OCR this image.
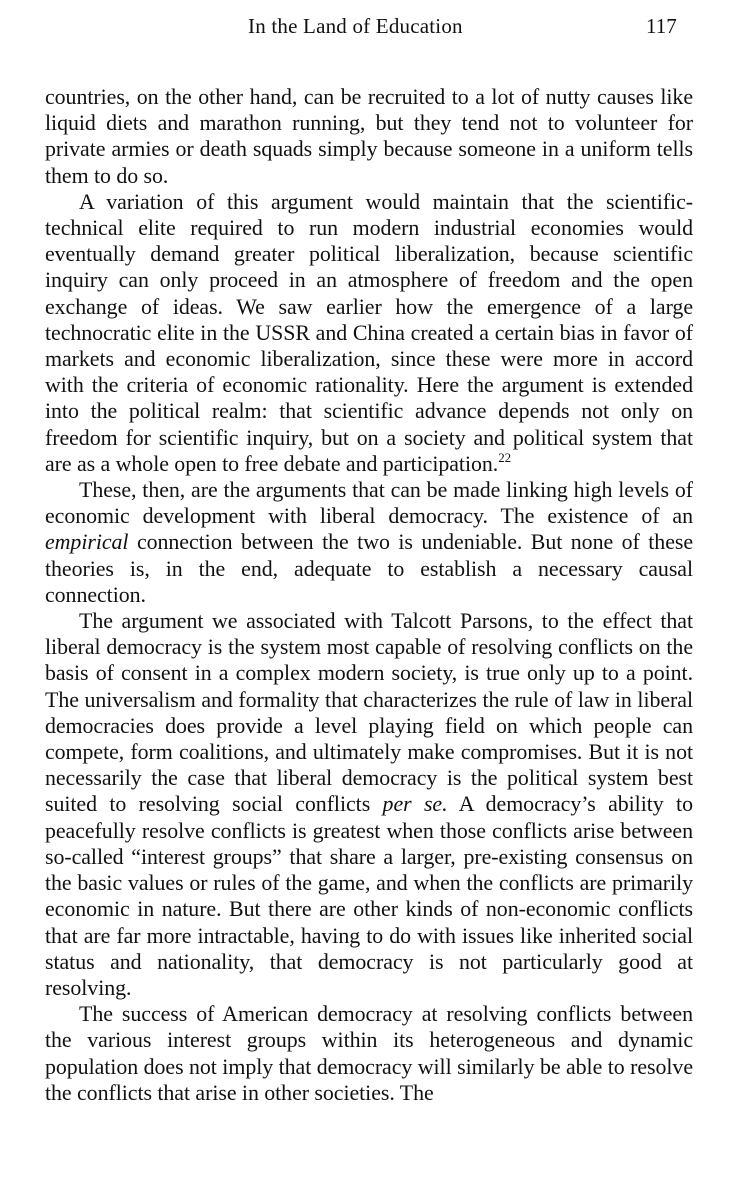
In the Land of Education	117

countries, on the other hand, can be recruited to a lot of nutty causes like liquid diets and marathon running, but they tend not to volunteer for private armies or death squads simply because someone in a uniform tells them to do so.

A variation of this argument would maintain that the scientific-technical elite required to run modern industrial economies would eventually demand greater political liberalization, because scientific inquiry can only proceed in an atmosphere of freedom and the open exchange of ideas. We saw earlier how the emergence of a large technocratic elite in the USSR and China created a certain bias in favor of markets and economic liberalization, since these were more in accord with the criteria of economic rationality. Here the argument is extended into the political realm: that scientific advance depends not only on freedom for scientific inquiry, but on a society and political system that are as a whole open to free debate and participation.$^{22}$

These, then, are the arguments that can be made linking high levels of economic development with liberal democracy. The existence of an empirical connection between the two is undeniable. But none of these theories is, in the end, adequate to establish a necessary causal connection.

The argument we associated with Talcott Parsons, to the effect that liberal democracy is the system most capable of resolving conflicts on the basis of consent in a complex modern society, is true only up to a point. The universalism and formality that characterizes the rule of law in liberal democracies does provide a level playing field on which people can compete, form coalitions, and ultimately make compromises. But it is not necessarily the case that liberal democracy is the political system best suited to resolving social conflicts per se. A democracy’s ability to peacefully resolve conflicts is greatest when those conflicts arise between so-called “interest groups” that share a larger, pre-existing consensus on the basic values or rules of the game, and when the conflicts are primarily economic in nature. But there are other kinds of non-economic conflicts that are far more intractable, having to do with issues like inherited social status and nationality, that democracy is not particularly good at resolving.

The success of American democracy at resolving conflicts between the various interest groups within its heterogeneous and dynamic population does not imply that democracy will similarly be able to resolve the conflicts that arise in other societies. The
